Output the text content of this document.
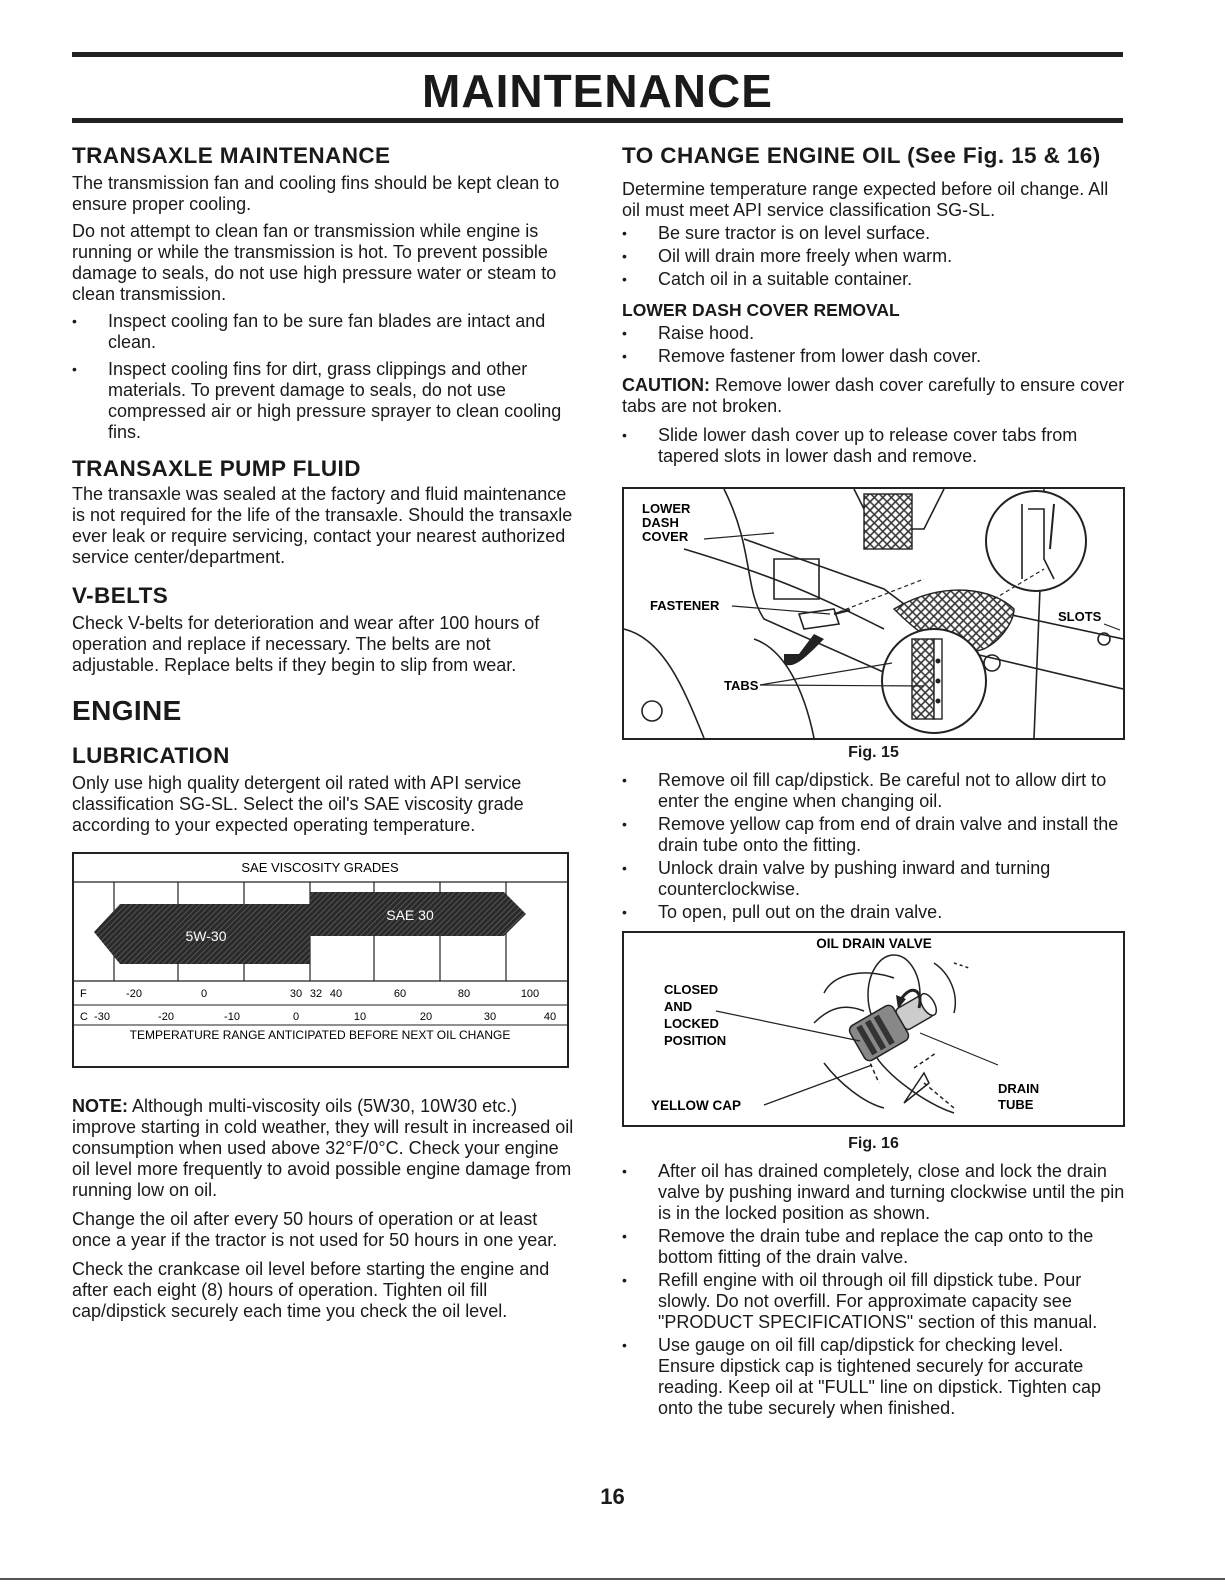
MAINTENANCE
TRANSAXLE MAINTENANCE

The transmission fan and cooling fins should be kept clean to ensure proper cooling.

Do not attempt to clean fan or transmission while engine is running or while the transmission is hot. To prevent possible damage to seals, do not use high pressure water or steam to clean transmission.

• Inspect cooling fan to be sure fan blades are intact and clean.
• Inspect cooling fins for dirt, grass clippings and other materials. To prevent damage to seals, do not use compressed air or high pressure sprayer to clean cooling fins.
TRANSAXLE PUMP FLUID

The transaxle was sealed at the factory and fluid maintenance is not required for the life of the transaxle. Should the transaxle ever leak or require servicing, contact your nearest authorized service center/department.

V-BELTS

Check V-belts for deterioration and wear after 100 hours of operation and replace if necessary. The belts are not adjustable. Replace belts if they begin to slip from wear.

ENGINE
LUBRICATION

Only use high quality detergent oil rated with API service classification SG-SL. Select the oil's SAE viscosity grade according to your expected operating temperature.

SAE VISCOSITY GRADES
5W-30
SAE 30
F	-20	0	30 32 40	60	80	100
C -30	-20	-10	0	10	20	30	40
TEMPERATURE RANGE ANTICIPATED BEFORE NEXT OIL CHANGE

NOTE: Although multi-viscosity oils (5W30, 10W30 etc.) improve starting in cold weather, they will result in increased oil consumption when used above 32°F/0°C. Check your engine oil level more frequently to avoid possible engine damage from running low on oil.

Change the oil after every 50 hours of operation or at least once a year if the tractor is not used for 50 hours in one year.

Check the crankcase oil level before starting the engine and after each eight (8) hours of operation. Tighten oil fill cap/dipstick securely each time you check the oil level.

TO CHANGE ENGINE OIL (See Fig. 15 & 16)

Determine temperature range expected before oil change. All oil must meet API service classification SG-SL.

• Be sure tractor is on level surface.
• Oil will drain more freely when warm.
• Catch oil in a suitable container.
LOWER DASH COVER REMOVAL
• Raise hood.
• Remove fastener from lower dash cover.

CAUTION: Remove lower dash cover carefully to ensure cover tabs are not broken.

• Slide lower dash cover up to release cover tabs from tapered slots in lower dash and remove.
LOWER
DASH
COVER
FASTENER
SLOTS
TABS
Fig. 15
• Remove oil fill cap/dipstick. Be careful not to allow dirt to enter the engine when changing oil.
• Remove yellow cap from end of drain valve and install the drain tube onto the fitting.
• Unlock drain valve by pushing inward and turning counterclockwise.
• To open, pull out on the drain valve.
OIL DRAIN VALVE
CLOSED
AND
LOCKED
POSITION
YELLOW CAP
DRAIN
TUBE
Fig. 16
• After oil has drained completely, close and lock the drain valve by pushing inward and turning clockwise until the pin is in the locked position as shown.
• Remove the drain tube and replace the cap onto to the bottom fitting of the drain valve.
• Refill engine with oil through oil fill dipstick tube. Pour slowly. Do not overfill. For approximate capacity see "PRODUCT SPECIFICATIONS" section of this manual.
• Use gauge on oil fill cap/dipstick for checking level. Ensure dipstick cap is tightened securely for accurate reading. Keep oil at "FULL" line on dipstick. Tighten cap onto the tube securely when finished.
16
